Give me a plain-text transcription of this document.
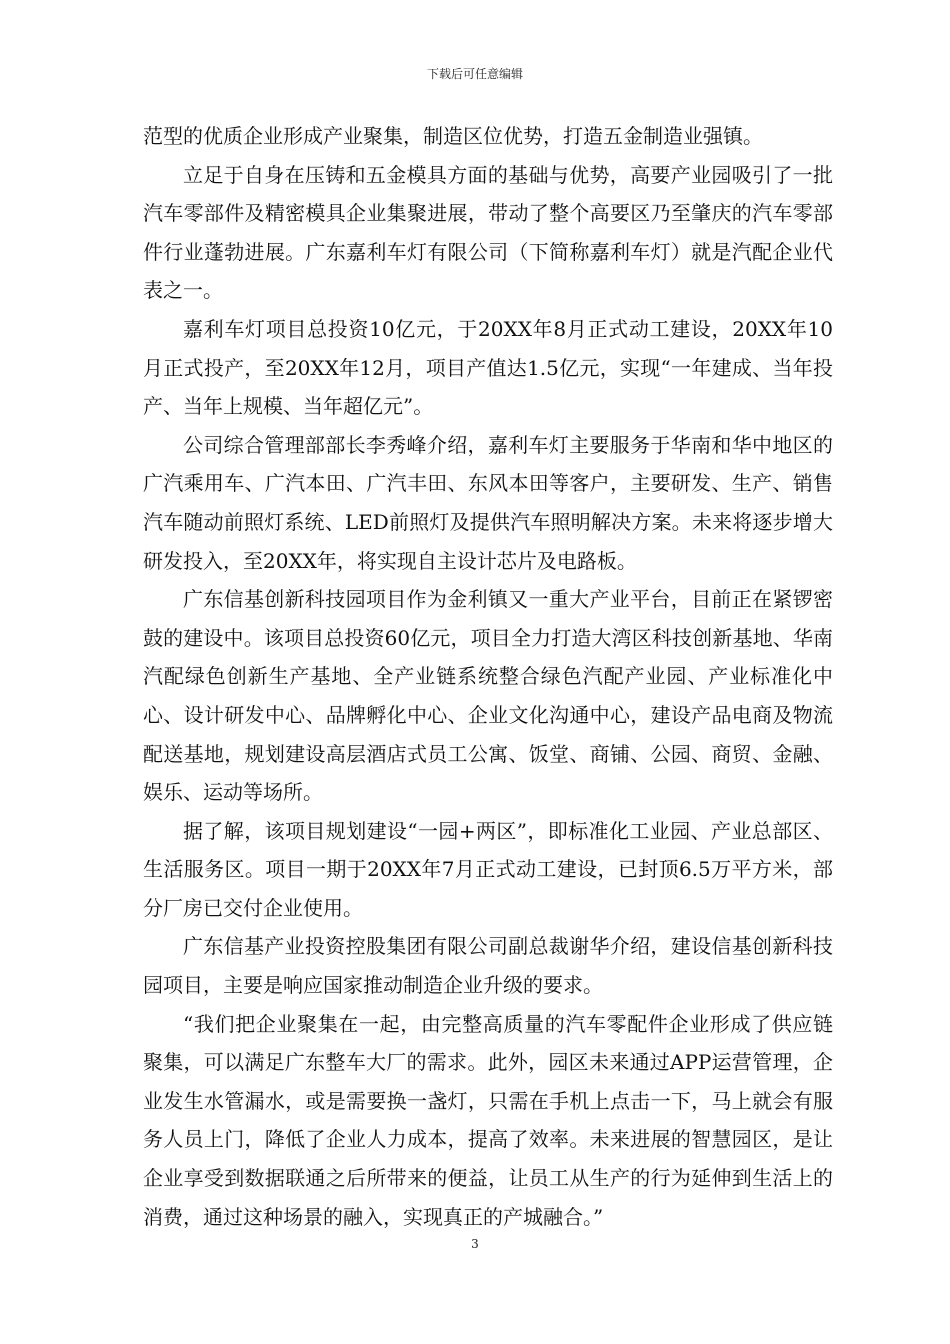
下载后可任意编辑

范型的优质企业形成产业聚集，制造区位优势，打造五金制造业强镇。

立足于自身在压铸和五金模具方面的基础与优势，高要产业园吸引了一批汽车零部件及精密模具企业集聚进展，带动了整个高要区乃至肇庆的汽车零部件行业蓬勃进展。广东嘉利车灯有限公司（下简称嘉利车灯）就是汽配企业代表之一。

嘉利车灯项目总投资10亿元，于20XX年8月正式动工建设，20XX年10月正式投产，至20XX年12月，项目产值达1.5亿元，实现“一年建成、当年投产、当年上规模、当年超亿元”。

公司综合管理部部长李秀峰介绍，嘉利车灯主要服务于华南和华中地区的广汽乘用车、广汽本田、广汽丰田、东风本田等客户，主要研发、生产、销售汽车随动前照灯系统、LED前照灯及提供汽车照明解决方案。未来将逐步增大研发投入，至20XX年，将实现自主设计芯片及电路板。

广东信基创新科技园项目作为金利镇又一重大产业平台，目前正在紧锣密鼓的建设中。该项目总投资60亿元，项目全力打造大湾区科技创新基地、华南汽配绿色创新生产基地、全产业链系统整合绿色汽配产业园、产业标准化中心、设计研发中心、品牌孵化中心、企业文化沟通中心，建设产品电商及物流配送基地，规划建设高层酒店式员工公寓、饭堂、商铺、公园、商贸、金融、娱乐、运动等场所。

据了解，该项目规划建设“一园+两区”，即标准化工业园、产业总部区、生活服务区。项目一期于20XX年7月正式动工建设，已封顶6.5万平方米，部分厂房已交付企业使用。

广东信基产业投资控股集团有限公司副总裁谢华介绍，建设信基创新科技园项目，主要是响应国家推动制造企业升级的要求。

“我们把企业聚集在一起，由完整高质量的汽车零配件企业形成了供应链聚集，可以满足广东整车大厂的需求。此外，园区未来通过APP运营管理，企业发生水管漏水，或是需要换一盏灯，只需在手机上点击一下，马上就会有服务人员上门，降低了企业人力成本，提高了效率。未来进展的智慧园区，是让企业享受到数据联通之后所带来的便益，让员工从生产的行为延伸到生活上的消费，通过这种场景的融入，实现真正的产城融合。”

3
